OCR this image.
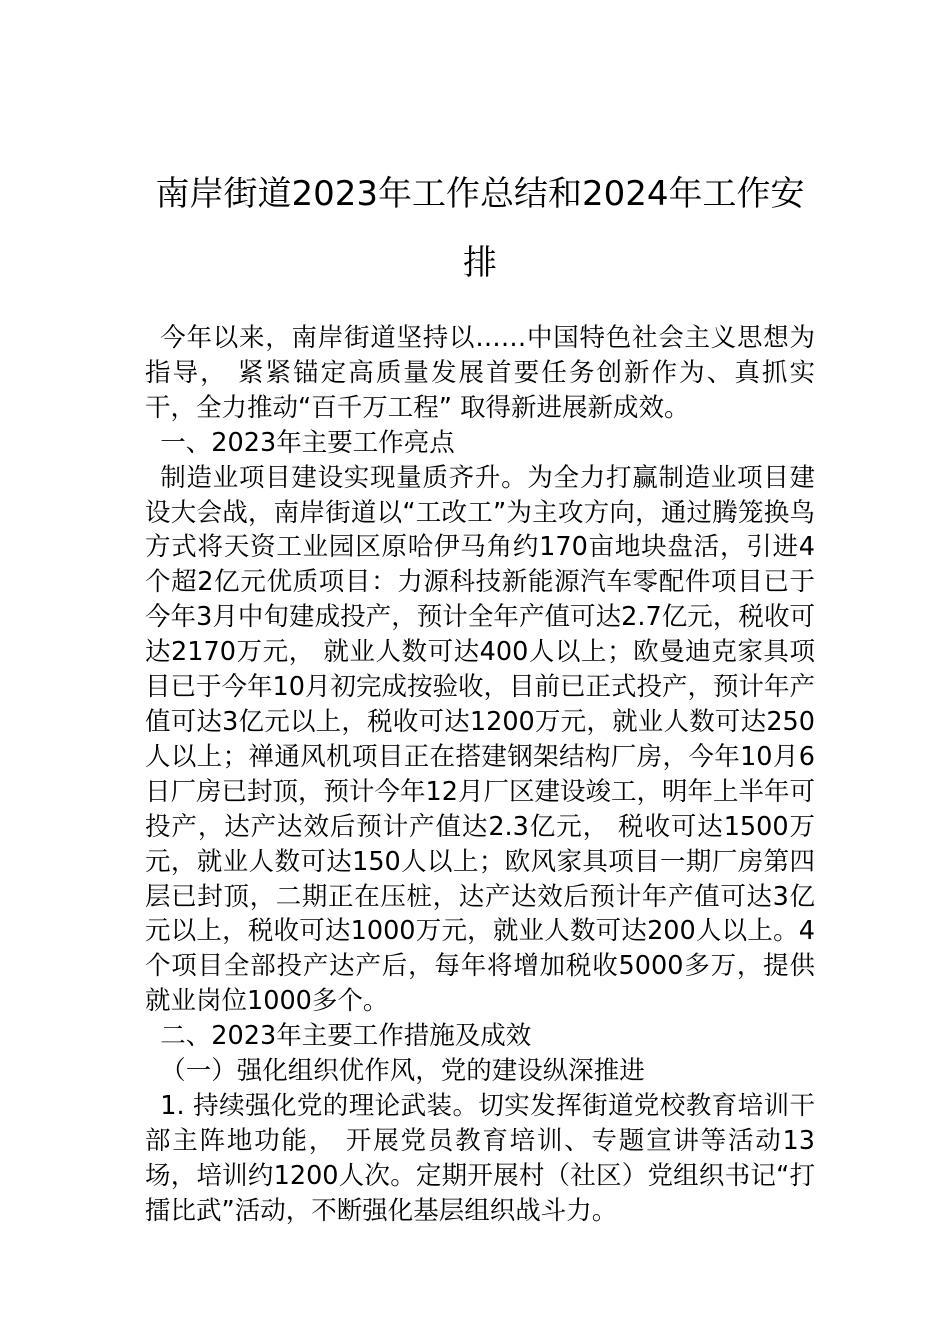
南岸街道2023年工作总结和2024年工作安排

今年以来，南岸街道坚持以……中国特色社会主义思想为指导， 紧紧锚定高质量发展首要任务创新作为、真抓实干，全力推动“百千万工程” 取得新进展新成效。

一、2023年主要工作亮点

制造业项目建设实现量质齐升。为全力打赢制造业项目建设大会战，南岸街道以“工改工”为主攻方向，通过腾笼换鸟方式将天资工业园区原哈伊马角约170亩地块盘活，引进4个超2亿元优质项目：力源科技新能源汽车零配件项目已于今年3月中旬建成投产，预计全年产值可达2.7亿元，税收可达2170万元， 就业人数可达400人以上；欧曼迪克家具项目已于今年10月初完成按验收，目前已正式投产，预计年产值可达3亿元以上，税收可达1200万元，就业人数可达250人以上；禅通风机项目正在搭建钢架结构厂房，今年10月6日厂房已封顶，预计今年12月厂区建设竣工，明年上半年可投产，达产达效后预计产值达2.3亿元， 税收可达1500万元，就业人数可达150人以上；欧风家具项目一期厂房第四层已封顶，二期正在压桩，达产达效后预计年产值可达3亿元以上，税收可达1000万元，就业人数可达200人以上。4个项目全部投产达产后，每年将增加税收5000多万，提供就业岗位1000多个。

二、2023年主要工作措施及成效

（一）强化组织优作风，党的建设纵深推进

1. 持续强化党的理论武装。切实发挥街道党校教育培训干部主阵地功能， 开展党员教育培训、专题宣讲等活动13场，培训约1200人次。定期开展村（社区）党组织书记“打擂比武”活动，不断强化基层组织战斗力。
